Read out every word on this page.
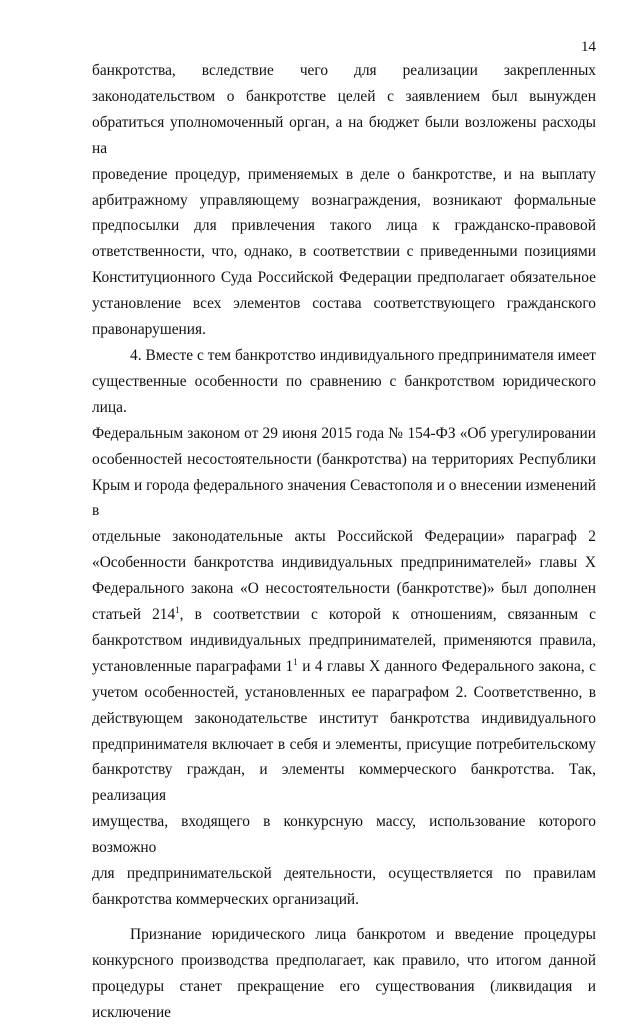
14

банкротства, вследствие чего для реализации закрепленных
законодательством о банкротстве целей с заявлением был вынужден
обратиться уполномоченный орган, а на бюджет были возложены расходы на
проведение процедур, применяемых в деле о банкротстве, и на выплату
арбитражному управляющему вознаграждения, возникают формальные
предпосылки для привлечения такого лица к гражданско-правовой
ответственности, что, однако, в соответствии с приведенными позициями
Конституционного Суда Российской Федерации предполагает обязательное
установление всех элементов состава соответствующего гражданского
правонарушения.

4. Вместе с тем банкротство индивидуального предпринимателя имеет
существенные особенности по сравнению с банкротством юридического лица.
Федеральным законом от 29 июня 2015 года № 154-ФЗ «Об урегулировании
особенностей несостоятельности (банкротства) на территориях Республики
Крым и города федерального значения Севастополя и о внесении изменений в
отдельные законодательные акты Российской Федерации» параграф 2
«Особенности банкротства индивидуальных предпринимателей» главы X
Федерального закона «О несостоятельности (банкротстве)» был дополнен
статьей $214^1$, в соответствии с которой к отношениям, связанным с
банкротством индивидуальных предпринимателей, применяются правила,
установленные параграфами $1^1$ и 4 главы X данного Федерального закона, с
учетом особенностей, установленных ее параграфом 2. Соответственно, в
действующем законодательстве институт банкротства индивидуального
предпринимателя включает в себя и элементы, присущие потребительскому
банкротству граждан, и элементы коммерческого банкротства. Так, реализация
имущества, входящего в конкурсную массу, использование которого возможно
для предпринимательской деятельности, осуществляется по правилам
банкротства коммерческих организаций.

Признание юридического лица банкротом и введение процедуры
конкурсного производства предполагает, как правило, что итогом данной
процедуры станет прекращение его существования (ликвидация и исключение
